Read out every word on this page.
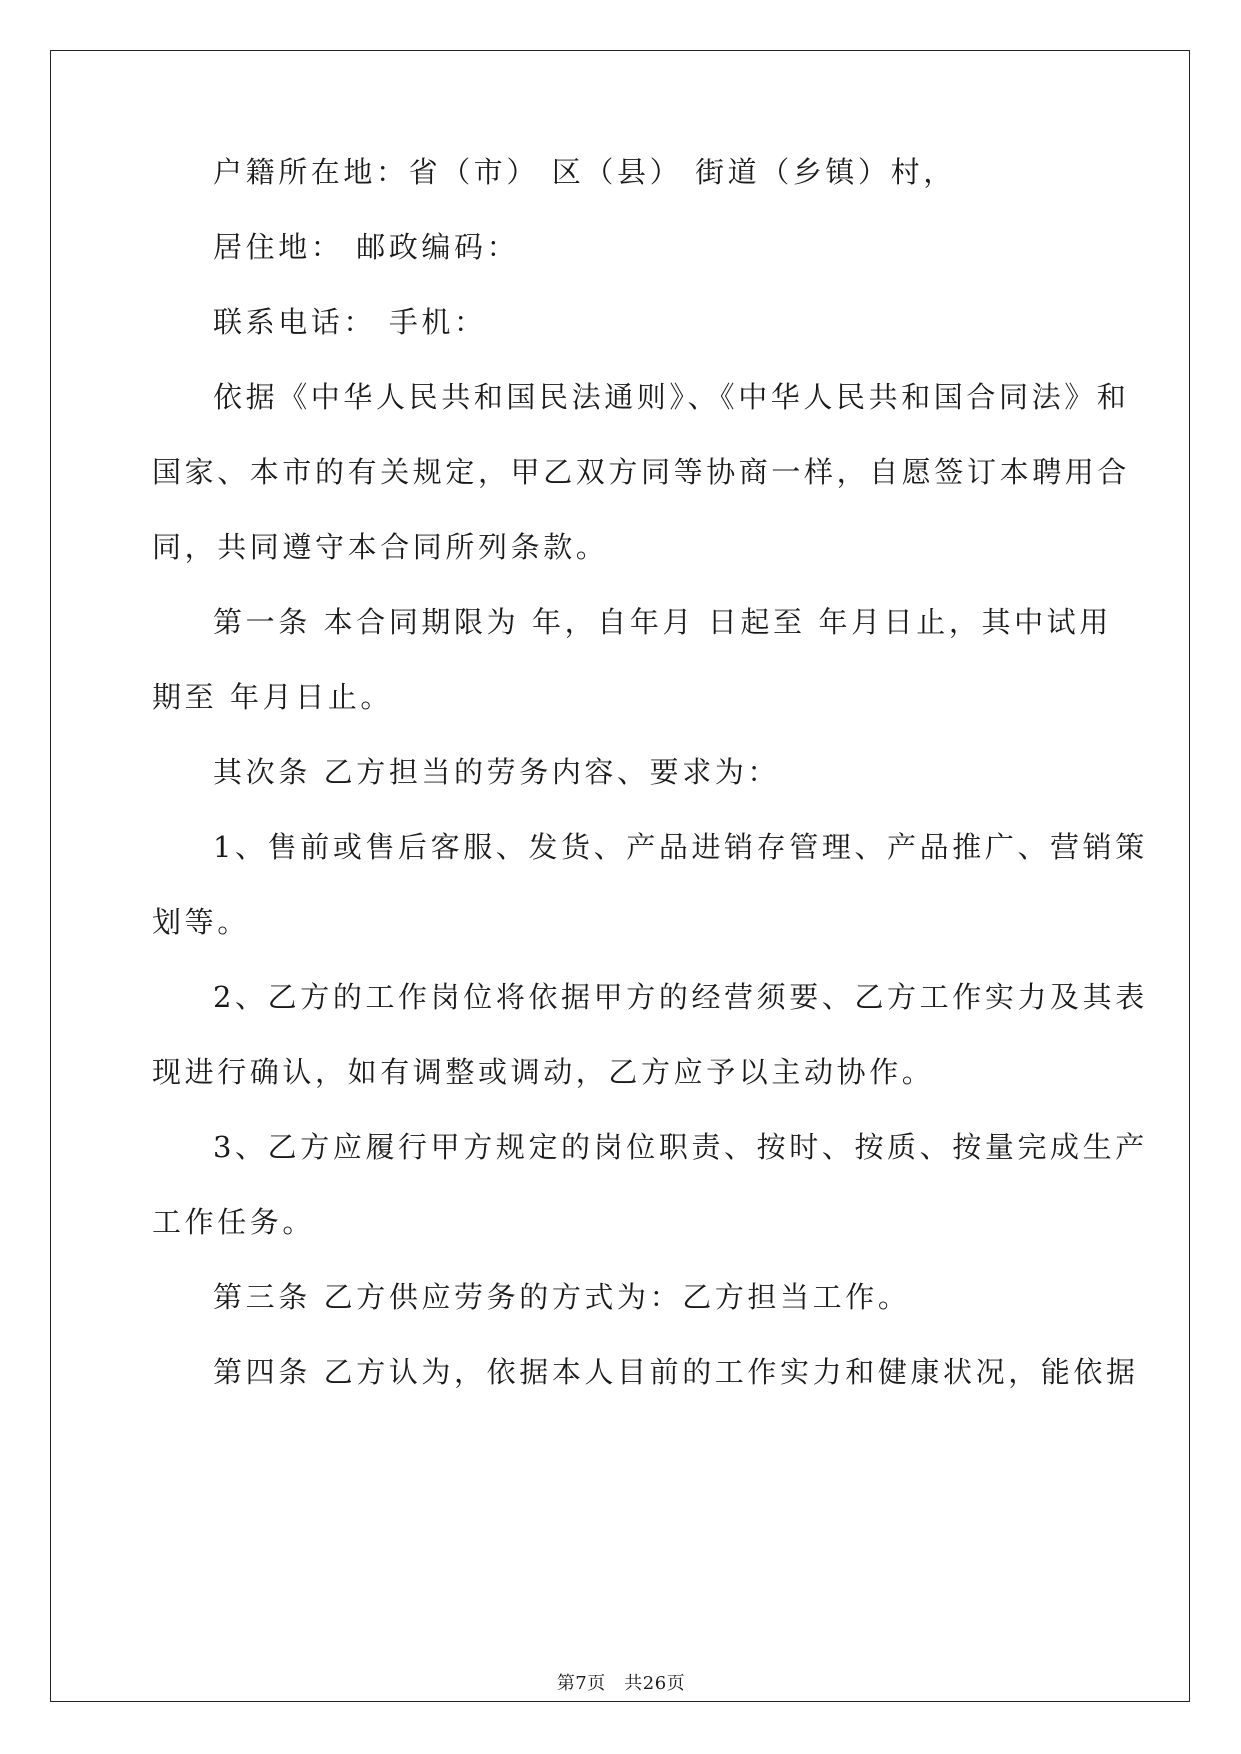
户籍所在地：省（市） 区（县） 街道（乡镇）村，
居住地： 邮政编码：
联系电话： 手机：
依据《中华人民共和国民法通则》、《中华人民共和国合同法》和
国家、本市的有关规定，甲乙双方同等协商一样，自愿签订本聘用合
同，共同遵守本合同所列条款。
第一条 本合同期限为 年，自年月 日起至 年月日止，其中试用
期至 年月日止。
其次条 乙方担当的劳务内容、要求为：
1、售前或售后客服、发货、产品进销存管理、产品推广、营销策
划等。
2、乙方的工作岗位将依据甲方的经营须要、乙方工作实力及其表
现进行确认，如有调整或调动，乙方应予以主动协作。
3、乙方应履行甲方规定的岗位职责、按时、按质、按量完成生产
工作任务。
第三条 乙方供应劳务的方式为：乙方担当工作。
第四条 乙方认为，依据本人目前的工作实力和健康状况，能依据
第7页　共26页
